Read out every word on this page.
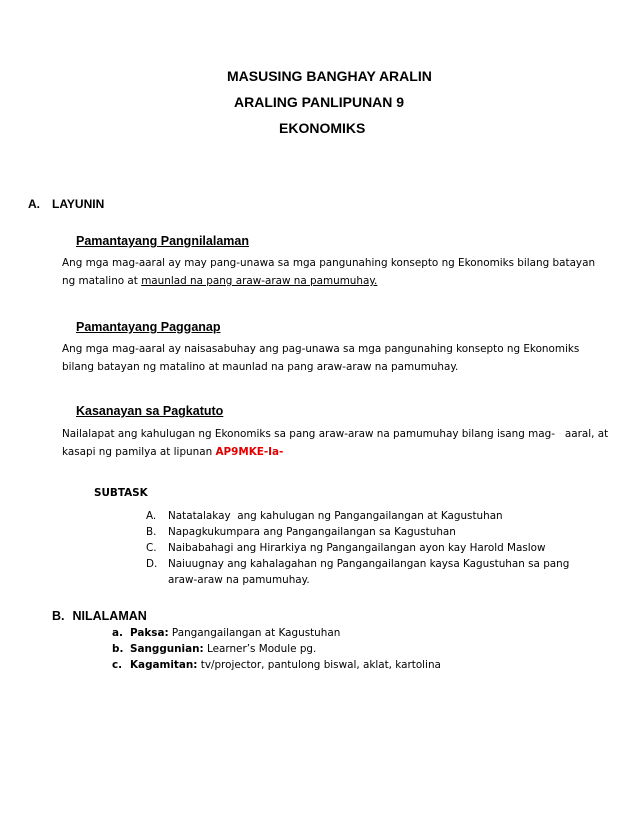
MASUSING BANGHAY ARALIN
ARALING PANLIPUNAN 9
EKONOMIKS
A. LAYUNIN
Pamantayang Pangnilalaman
Ang mga mag-aaral ay may pang-unawa sa mga pangunahing konsepto ng Ekonomiks bilang batayan ng matalino at maunlad na pang araw-araw na pamumuhay.
Pamantayang Pagganap
Ang mga mag-aaral ay naisasabuhay ang pag-unawa sa mga pangunahing konsepto ng Ekonomiks bilang batayan ng matalino at maunlad na pang araw-araw na pamumuhay.
Kasanayan sa Pagkatuto
Nailalapat ang kahulugan ng Ekonomiks sa pang araw-araw na pamumuhay bilang isang mag-   aaral, at kasapi ng pamilya at lipunan AP9MKE-Ia-
SUBTASK
A.	Natatalakay  ang kahulugan ng Pangangailangan at Kagustuhan
B.	Napagkukumpara ang Pangangailangan sa Kagustuhan
C.	Naibabahagi ang Hirarkiya ng Pangangailangan ayon kay Harold Maslow
D.	Naiuugnay ang kahalagahan ng Pangangailangan kaysa Kagustuhan sa pang araw-araw na pamumuhay.
B. NILALAMAN
a. Paksa: Pangangailangan at Kagustuhan
b. Sanggunian: Learner’s Module pg.
c. Kagamitan: tv/projector, pantulong biswal, aklat, kartolina
